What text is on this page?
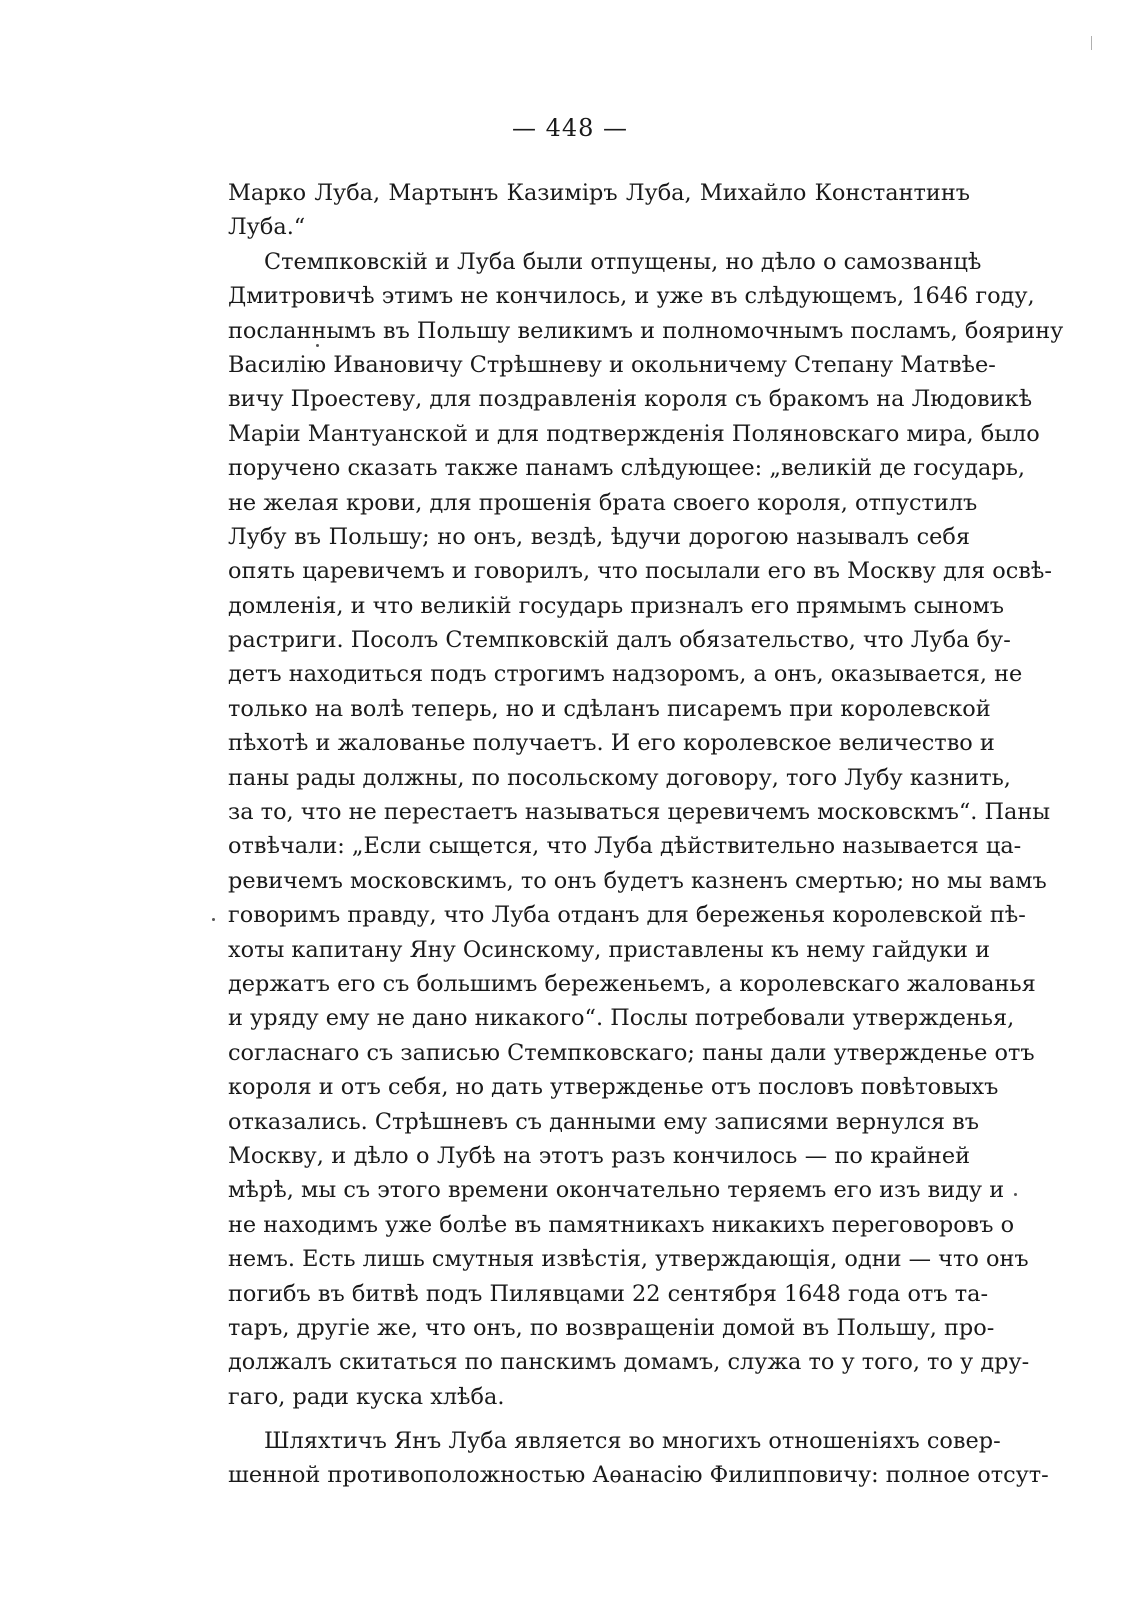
— 448 —
Марко Луба, Мартынъ Казиміръ Луба, Михайло Константинъ
Луба.“
Стемпковскій и Луба были отпущены, но дѣло о самозванцѣ
Дмитровичѣ этимъ не кончилось, и уже въ слѣдующемъ, 1646 году,
посланнымъ въ Польшу великимъ и полномочнымъ посламъ, боярину
Василію Ивановичу Стрѣшневу и окольничему Степану Матвѣе-
вичу Проестеву, для поздравленія короля съ бракомъ на Людовикѣ
Маріи Мантуанской и для подтвержденія Поляновскаго мира, было
поручено сказать также панамъ слѣдующее: „великій де государь,
не желая крови, для прошенія брата своего короля, отпустилъ
Лубу въ Польшу; но онъ, вездѣ, ѣдучи дорогою называлъ себя
опять царевичемъ и говорилъ, что посылали его въ Москву для освѣ-
домленія, и что великій государь призналъ его прямымъ сыномъ
растриги. Посолъ Стемпковскій далъ обязательство, что Луба бу-
детъ находиться подъ строгимъ надзоромъ, а онъ, оказывается, не
только на волѣ теперь, но и сдѣланъ писаремъ при королевской
пѣхотѣ и жалованье получаетъ. И его королевское величество и
паны рады должны, по посольскому договору, того Лубу казнить,
за то, что не перестаетъ называться церевичемъ московскмъ“. Паны
отвѣчали: „Если сыщется, что Луба дѣйствительно называется ца-
ревичемъ московскимъ, то онъ будетъ казненъ смертью; но мы вамъ
говоримъ правду, что Луба отданъ для береженья королевской пѣ-
хоты капитану Яну Осинскому, приставлены къ нему гайдуки и
держатъ его съ большимъ береженьемъ, а королевскаго жалованья
и уряду ему не дано никакого“. Послы потребовали утвержденья,
согласнаго съ записью Стемпковскаго; паны дали утвержденье отъ
короля и отъ себя, но дать утвержденье отъ пословъ повѣтовыхъ
отказались. Стрѣшневъ съ данными ему записями вернулся въ
Москву, и дѣло о Лубѣ на этотъ разъ кончилось — по крайней
мѣрѣ, мы съ этого времени окончательно теряемъ его изъ виду и
не находимъ уже болѣе въ памятникахъ никакихъ переговоровъ о
немъ. Есть лишь смутныя извѣстія, утверждающія, одни — что онъ
погибъ въ битвѣ подъ Пилявцами 22 сентября 1648 года отъ та-
таръ, другіе же, что онъ, по возвращеніи домой въ Польшу, про-
должалъ скитаться по панскимъ домамъ, служа то у того, то у дру-
гаго, ради куска хлѣба.
Шляхтичъ Янъ Луба является во многихъ отношеніяхъ совер-
шенной противоположностью Аѳанасію Филипповичу: полное отсут-
